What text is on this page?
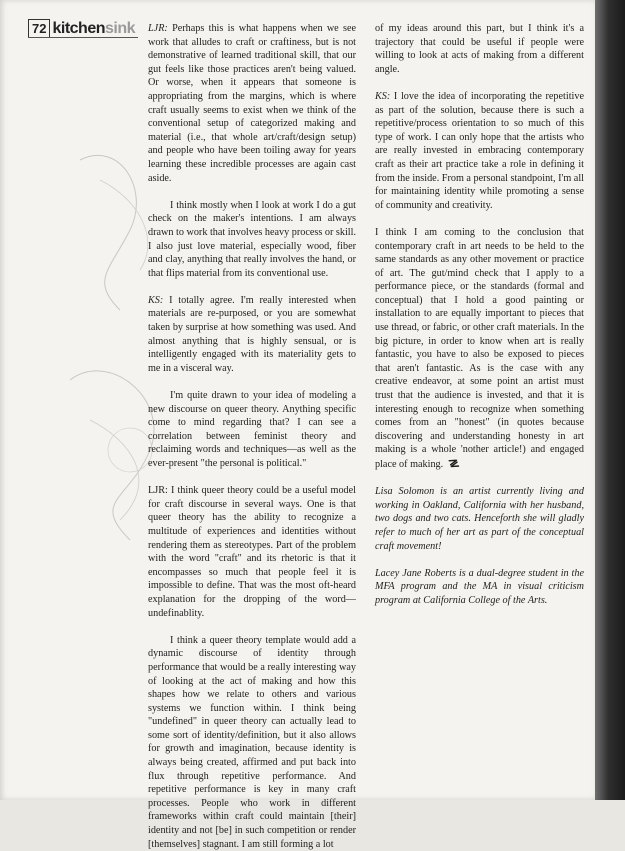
72 kitchensink LJR: Perhaps this is what happens when we see work that alludes to craft or craftiness, but is not demonstrative of learned traditional skill, that our gut feels like those practices aren't being valued. Or worse, when it appears that someone is appropriating from the margins, which is where craft usually seems to exist when we think of the conventional setup of categorized making and material (i.e., that whole art/craft/design setup) and people who have been toiling away for years learning these incredible processes are again cast aside.

I think mostly when I look at work I do a gut check on the maker's intentions. I am always drawn to work that involves heavy process or skill. I also just love material, especially wood, fiber and clay, anything that really involves the hand, or that flips material from its conventional use.

KS: I totally agree. I'm really interested when materials are re-purposed, or you are somewhat taken by surprise at how something was used. And almost anything that is highly sensual, or is intelligently engaged with its materiality gets to me in a visceral way.

I'm quite drawn to your idea of modeling a new discourse on queer theory. Anything specific come to mind regarding that? I can see a correlation between feminist theory and reclaiming words and techniques—as well as the ever-present "the personal is political."

LJR: I think queer theory could be a useful model for craft discourse in several ways. One is that queer theory has the ability to recognize a multitude of experiences and identities without rendering them as stereotypes. Part of the problem with the word "craft" and its rhetoric is that it encompasses so much that people feel it is impossible to define. That was the most oft-heard explanation for the dropping of the word—undefinablity.

I think a queer theory template would add a dynamic discourse of identity through performance that would be a really interesting way of looking at the act of making and how this shapes how we relate to others and various systems we function within. I think being "undefined" in queer theory can actually lead to some sort of identity/definition, but it also allows for growth and imagination, because identity is always being created, affirmed and put back into flux through repetitive performance. And repetitive performance is key in many craft processes. People who work in different frameworks within craft could maintain [their] identity and not [be] in such competition or render [themselves] stagnant. I am still forming a lot

of my ideas around this part, but I think it's a trajectory that could be useful if people were willing to look at acts of making from a different angle.

KS: I love the idea of incorporating the repetitive as part of the solution, because there is such a repetitive/process orientation to so much of this type of work. I can only hope that the artists who are really invested in embracing contemporary craft as their art practice take a role in defining it from the inside. From a personal standpoint, I'm all for maintaining identity while promoting a sense of community and creativity.

I think I am coming to the conclusion that contemporary craft in art needs to be held to the same standards as any other movement or practice of art. The gut/mind check that I apply to a performance piece, or the standards (formal and conceptual) that I hold a good painting or installation to are equally important to pieces that use thread, or fabric, or other craft materials. In the big picture, in order to know when art is really fantastic, you have to also be exposed to pieces that aren't fantastic. As is the case with any creative endeavor, at some point an artist must trust that the audience is invested, and that it is interesting enough to recognize when something comes from an "honest" (in quotes because discovering and understanding honesty in art making is a whole 'nother article!) and engaged place of making. ≷

Lisa Solomon is an artist currently living and working in Oakland, California with her husband, two dogs and two cats. Henceforth she will gladly refer to much of her art as part of the conceptual craft movement!

Lacey Jane Roberts is a dual-degree student in the MFA program and the MA in visual criticism program at California College of the Arts.
